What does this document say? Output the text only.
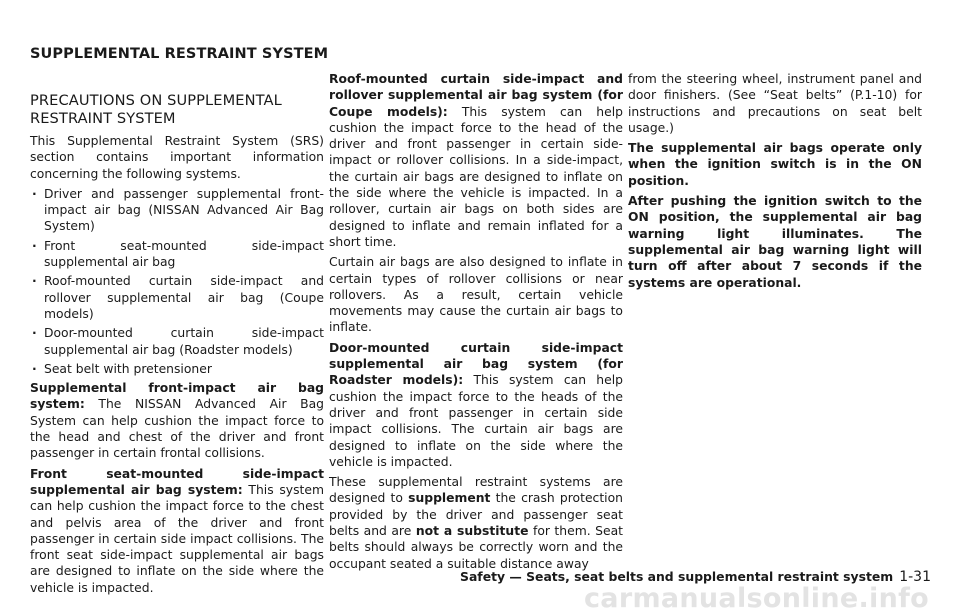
SUPPLEMENTAL RESTRAINT SYSTEM
PRECAUTIONS ON SUPPLEMENTAL RESTRAINT SYSTEM

This Supplemental Restraint System (SRS) section contains important information concerning the following systems.

. Driver and passenger supplemental front-impact air bag (NISSAN Advanced Air Bag System)
. Front seat-mounted side-impact supplemental air bag
. Roof-mounted curtain side-impact and rollover supplemental air bag (Coupe models)
. Door-mounted curtain side-impact supplemental air bag (Roadster models)
. Seat belt with pretensioner

Supplemental front-impact air bag system: The NISSAN Advanced Air Bag System can help cushion the impact force to the head and chest of the driver and front passenger in certain frontal collisions.

Front seat-mounted side-impact supplemental air bag system: This system can help cushion the impact force to the chest and pelvis area of the driver and front passenger in certain side impact collisions. The front seat side-impact supplemental air bags are designed to inflate on the side where the vehicle is impacted.

Roof-mounted curtain side-impact and rollover supplemental air bag system (for Coupe models): This system can help cushion the impact force to the head of the driver and front passenger in certain side-impact or rollover collisions. In a side-impact, the curtain air bags are designed to inflate on the side where the vehicle is impacted. In a rollover, curtain air bags on both sides are designed to inflate and remain inflated for a short time.

Curtain air bags are also designed to inflate in certain types of rollover collisions or near rollovers. As a result, certain vehicle movements may cause the curtain air bags to inflate.

Door-mounted curtain side-impact supplemental air bag system (for Roadster models): This system can help cushion the impact force to the heads of the driver and front passenger in certain side impact collisions. The curtain air bags are designed to inflate on the side where the vehicle is impacted.

These supplemental restraint systems are designed to supplement the crash protection provided by the driver and passenger seat belts and are not a substitute for them. Seat belts should always be correctly worn and the occupant seated a suitable distance away

from the steering wheel, instrument panel and door finishers. (See “Seat belts” (P.1-10) for instructions and precautions on seat belt usage.)

The supplemental air bags operate only when the ignition switch is in the ON position.

After pushing the ignition switch to the ON position, the supplemental air bag warning light illuminates. The supplemental air bag warning light will turn off after about 7 seconds if the systems are operational.

Safety — Seats, seat belts and supplemental restraint system 1-31
carmanualsonline.info
